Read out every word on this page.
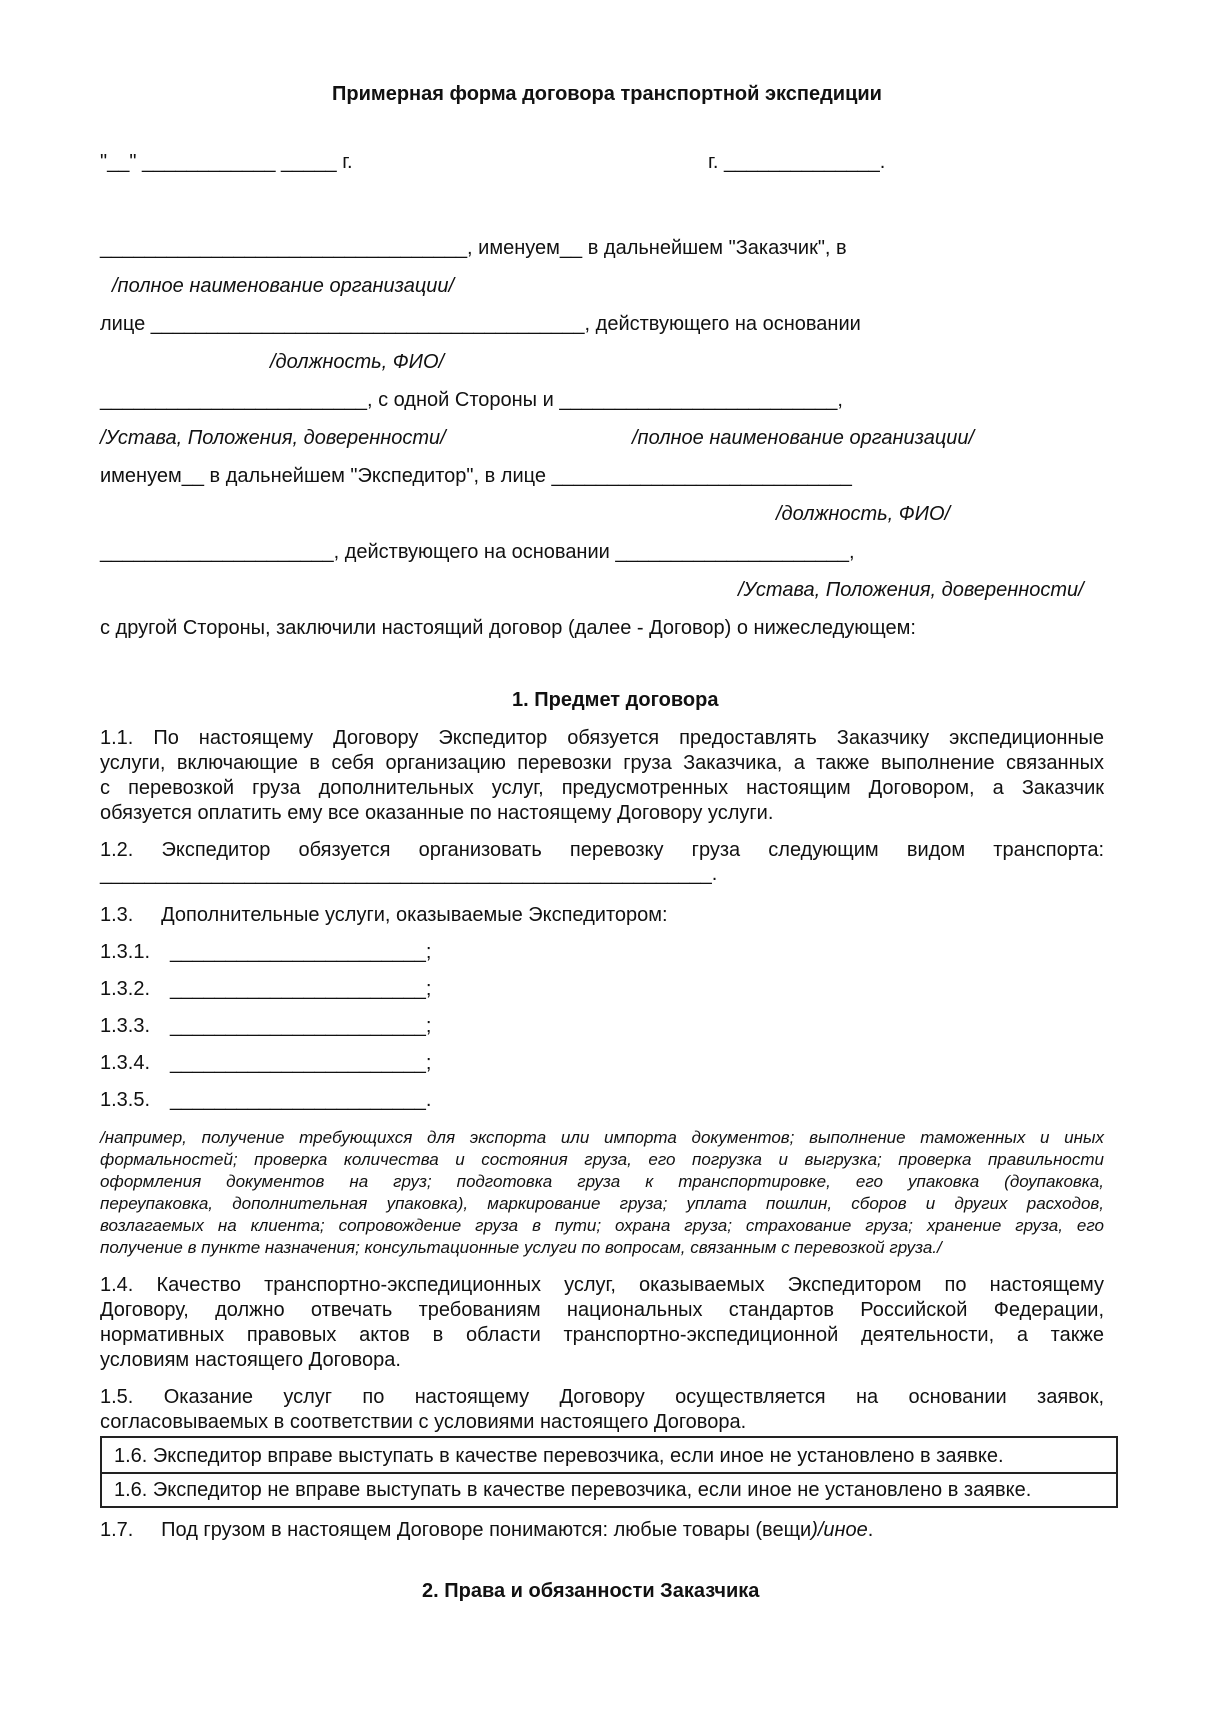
Примерная форма договора транспортной экспедиции
"__" ____________ _____ г.	г. ______________.
_________________________________, именуем__ в дальнейшем "Заказчик", в
/полное наименование организации/
лице _______________________________________, действующего на основании
/должность, ФИО/
________________________, с одной Стороны и _________________________,
/Устава, Положения, доверенности/	/полное наименование организации/
именуем__ в дальнейшем "Экспедитор", в лице ___________________________
/должность, ФИО/
_____________________, действующего на основании _____________________,
/Устава, Положения, доверенности/
с другой Стороны, заключили настоящий договор (далее - Договор) о нижеследующем:
1. Предмет договора
1.1. По настоящему Договору Экспедитор обязуется предоставлять Заказчику экспедиционные
услуги, включающие в себя организацию перевозки груза Заказчика, а также выполнение связанных
с перевозкой груза дополнительных услуг, предусмотренных настоящим Договором, а Заказчик
обязуется оплатить ему все оказанные по настоящему Договору услуги.
1.2. Экспедитор обязуется организовать перевозку груза следующим видом транспорта:
_______________________________________________________.
1.3.     Дополнительные услуги, оказываемые Экспедитором:
1.3.1. _______________________;
1.3.2. _______________________;
1.3.3. _______________________;
1.3.4. _______________________;
1.3.5. _______________________.
/например, получение требующихся для экспорта или импорта документов; выполнение таможенных и иных
формальностей; проверка количества и состояния груза, его погрузка и выгрузка; проверка правильности
оформления документов на груз; подготовка груза к транспортировке, его упаковка (доупаковка,
переупаковка, дополнительная упаковка), маркирование груза; уплата пошлин, сборов и других расходов,
возлагаемых на клиента; сопровождение груза в пути; охрана груза; страхование груза; хранение груза, его
получение в пункте назначения; консультационные услуги по вопросам, связанным с перевозкой груза./
1.4. Качество транспортно-экспедиционных услуг, оказываемых Экспедитором по настоящему
Договору, должно отвечать требованиям национальных стандартов Российской Федерации,
нормативных правовых актов в области транспортно-экспедиционной деятельности, а также
условиям настоящего Договора.
1.5. Оказание услуг по настоящему Договору осуществляется на основании заявок,
согласовываемых в соответствии с условиями настоящего Договора.
1.6. Экспедитор вправе выступать в качестве перевозчика, если иное не установлено в заявке.
1.6. Экспедитор не вправе выступать в качестве перевозчика, если иное не установлено в заявке.
1.7.     Под грузом в настоящем Договоре понимаются: любые товары (вещи)/иное.
2. Права и обязанности Заказчика
